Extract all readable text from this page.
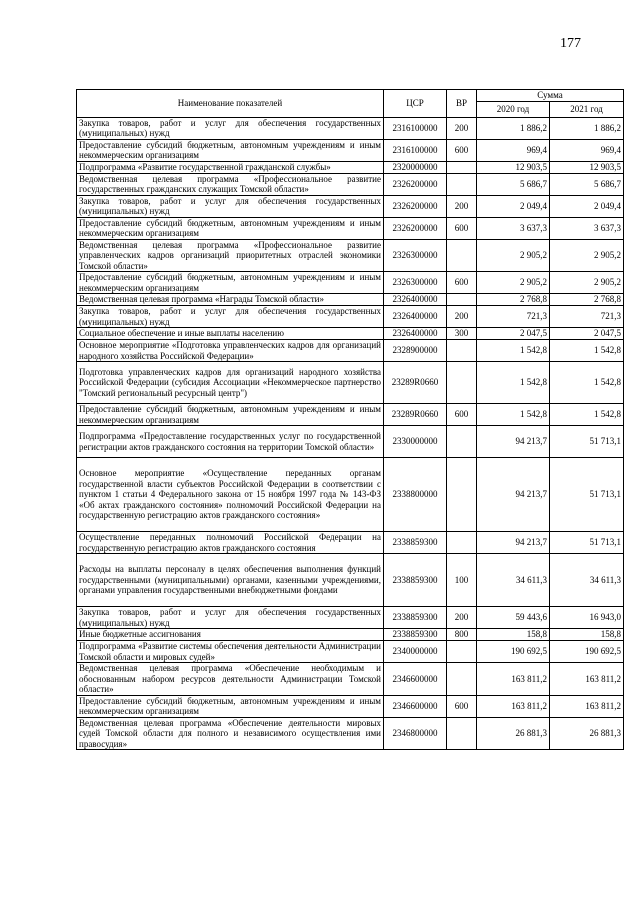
177
Наименование показателей	ЦСР	ВР	Сумма	
			2020 год	2021 год
Закупка товаров, работ и услуг для обеспечения государственных (муниципальных) нужд	2316100000	200	1 886,2	1 886,2
Предоставление субсидий бюджетным, автономным учреждениям и иным некоммерческим организациям	2316100000	600	969,4	969,4
Подпрограмма «Развитие государственной гражданской службы»	2320000000		12 903,5	12 903,5
Ведомственная целевая программа «Профессиональное развитие государственных гражданских служащих Томской области»	2326200000		5 686,7	5 686,7
Закупка товаров, работ и услуг для обеспечения государственных (муниципальных) нужд	2326200000	200	2 049,4	2 049,4
Предоставление субсидий бюджетным, автономным учреждениям и иным некоммерческим организациям	2326200000	600	3 637,3	3 637,3
Ведомственная целевая программа «Профессиональное развитие управленческих кадров организаций приоритетных отраслей экономики Томской области»	2326300000		2 905,2	2 905,2
Предоставление субсидий бюджетным, автономным учреждениям и иным некоммерческим организациям	2326300000	600	2 905,2	2 905,2
Ведомственная целевая программа «Награды Томской области»	2326400000		2 768,8	2 768,8
Закупка товаров, работ и услуг для обеспечения государственных (муниципальных) нужд	2326400000	200	721,3	721,3
Социальное обеспечение и иные выплаты населению	2326400000	300	2 047,5	2 047,5
Основное мероприятие «Подготовка управленческих кадров для организаций народного хозяйства Российской Федерации»	2328900000		1 542,8	1 542,8
Подготовка управленческих кадров для организаций народного хозяйства Российской Федерации (субсидия Ассоциации «Некоммерческое партнерство "Томский региональный ресурсный центр")	23289R0660		1 542,8	1 542,8
Предоставление субсидий бюджетным, автономным учреждениям и иным некоммерческим организациям	23289R0660	600	1 542,8	1 542,8
Подпрограмма «Предоставление государственных услуг по государственной регистрации актов гражданского состояния на территории Томской области»	2330000000		94 213,7	51 713,1
Основное мероприятие «Осуществление переданных органам государственной власти субъектов Российской Федерации в соответствии с пунктом 1 статьи 4 Федерального закона от 15 ноября 1997 года № 143-ФЗ «Об актах гражданского состояния» полномочий Российской Федерации на государственную регистрацию актов гражданского состояния»	2338800000		94 213,7	51 713,1
Осуществление переданных полномочий Российской Федерации на государственную регистрацию актов гражданского состояния	2338859300		94 213,7	51 713,1
Расходы на выплаты персоналу в целях обеспечения выполнения функций государственными (муниципальными) органами, казенными учреждениями, органами управления государственными внебюджетными фондами	2338859300	100	34 611,3	34 611,3
Закупка товаров, работ и услуг для обеспечения государственных (муниципальных) нужд	2338859300	200	59 443,6	16 943,0
Иные бюджетные ассигнования	2338859300	800	158,8	158,8
Подпрограмма «Развитие системы обеспечения деятельности Администрации Томской области и мировых судей»	2340000000		190 692,5	190 692,5
Ведомственная целевая программа «Обеспечение необходимым и обоснованным набором ресурсов деятельности Администрации Томской области»	2346600000		163 811,2	163 811,2
Предоставление субсидий бюджетным, автономным учреждениям и иным некоммерческим организациям	2346600000	600	163 811,2	163 811,2
Ведомственная целевая программа «Обеспечение деятельности мировых судей Томской области для полного и независимого осуществления ими правосудия»	2346800000		26 881,3	26 881,3
